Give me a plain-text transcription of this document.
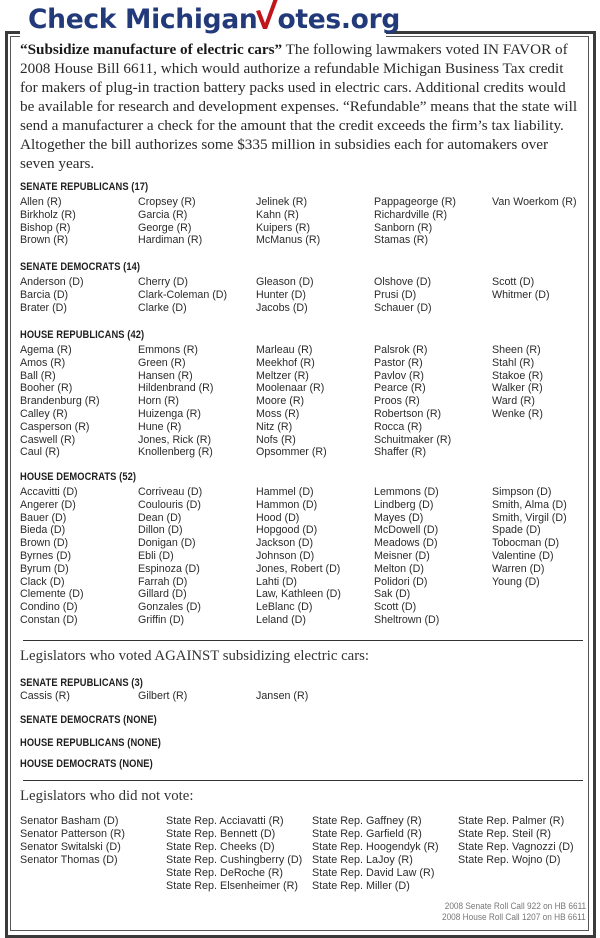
Check Michigan otes.org
“Subsidize manufacture of electric cars” The following lawmakers voted IN FAVOR of 2008 House Bill 6611, which would authorize a refundable Michigan Business Tax credit for makers of plug-in traction battery packs used in electric cars. Additional credits would be available for research and development expenses. “Refundable” means that the state will send a manufacturer a check for the amount that the credit exceeds the firm’s tax liability. Altogether the bill authorizes some $335 million in subsidies each for automakers over seven years.
SENATE REPUBLICANS (17)
Allen (R)
Birkholz (R)
Bishop (R)
Brown (R)
Cropsey (R)
Garcia (R)
George (R)
Hardiman (R)
Jelinek (R)
Kahn (R)
Kuipers (R)
McManus (R)
Pappageorge (R)
Richardville (R)
Sanborn (R)
Stamas (R)
Van Woerkom (R)
SENATE DEMOCRATS (14)
Anderson (D)
Barcia (D)
Brater (D)
Cherry (D)
Clark-Coleman (D)
Clarke (D)
Gleason (D)
Hunter (D)
Jacobs (D)
Olshove (D)
Prusi (D)
Schauer (D)
Scott (D)
Whitmer (D)
HOUSE REPUBLICANS (42)
Agema (R)
Amos (R)
Ball (R)
Booher (R)
Brandenburg (R)
Calley (R)
Casperson (R)
Caswell (R)
Caul (R)
Emmons (R)
Green (R)
Hansen (R)
Hildenbrand (R)
Horn (R)
Huizenga (R)
Hune (R)
Jones, Rick (R)
Knollenberg (R)
Marleau (R)
Meekhof (R)
Meltzer (R)
Moolenaar (R)
Moore (R)
Moss (R)
Nitz (R)
Nofs (R)
Opsommer (R)
Palsrok (R)
Pastor (R)
Pavlov (R)
Pearce (R)
Proos (R)
Robertson (R)
Rocca (R)
Schuitmaker (R)
Shaffer (R)
Sheen (R)
Stahl (R)
Stakoe (R)
Walker (R)
Ward (R)
Wenke (R)
HOUSE DEMOCRATS (52)
Accavitti (D)
Angerer (D)
Bauer (D)
Bieda (D)
Brown (D)
Byrnes (D)
Byrum (D)
Clack (D)
Clemente (D)
Condino (D)
Constan (D)
Corriveau (D)
Coulouris (D)
Dean (D)
Dillon (D)
Donigan (D)
Ebli (D)
Espinoza (D)
Farrah (D)
Gillard (D)
Gonzales (D)
Griffin (D)
Hammel (D)
Hammon (D)
Hood (D)
Hopgood (D)
Jackson (D)
Johnson (D)
Jones, Robert (D)
Lahti (D)
Law, Kathleen (D)
LeBlanc (D)
Leland (D)
Lemmons (D)
Lindberg (D)
Mayes (D)
McDowell (D)
Meadows (D)
Meisner (D)
Melton (D)
Polidori (D)
Sak (D)
Scott (D)
Sheltrown (D)
Simpson (D)
Smith, Alma (D)
Smith, Virgil (D)
Spade (D)
Tobocman (D)
Valentine (D)
Warren (D)
Young (D)
Legislators who voted AGAINST subsidizing electric cars:
SENATE REPUBLICANS (3)
Cassis (R)	Gilbert (R)	Jansen (R)
SENATE DEMOCRATS (NONE)
HOUSE REPUBLICANS (NONE)
HOUSE DEMOCRATS (NONE)
Legislators who did not vote:
Senator Basham (D)
Senator Patterson (R)
Senator Switalski (D)
Senator Thomas (D)
State Rep. Acciavatti (R)
State Rep. Bennett (D)
State Rep. Cheeks (D)
State Rep. Cushingberry (D)
State Rep. DeRoche (R)
State Rep. Elsenheimer (R)
State Rep. Gaffney (R)
State Rep. Garfield (R)
State Rep. Hoogendyk (R)
State Rep. LaJoy (R)
State Rep. David Law (R)
State Rep. Miller (D)
State Rep. Palmer (R)
State Rep. Steil (R)
State Rep. Vagnozzi (D)
State Rep. Wojno (D)
2008 Senate Roll Call 922 on HB 6611
2008 House Roll Call 1207 on HB 6611
